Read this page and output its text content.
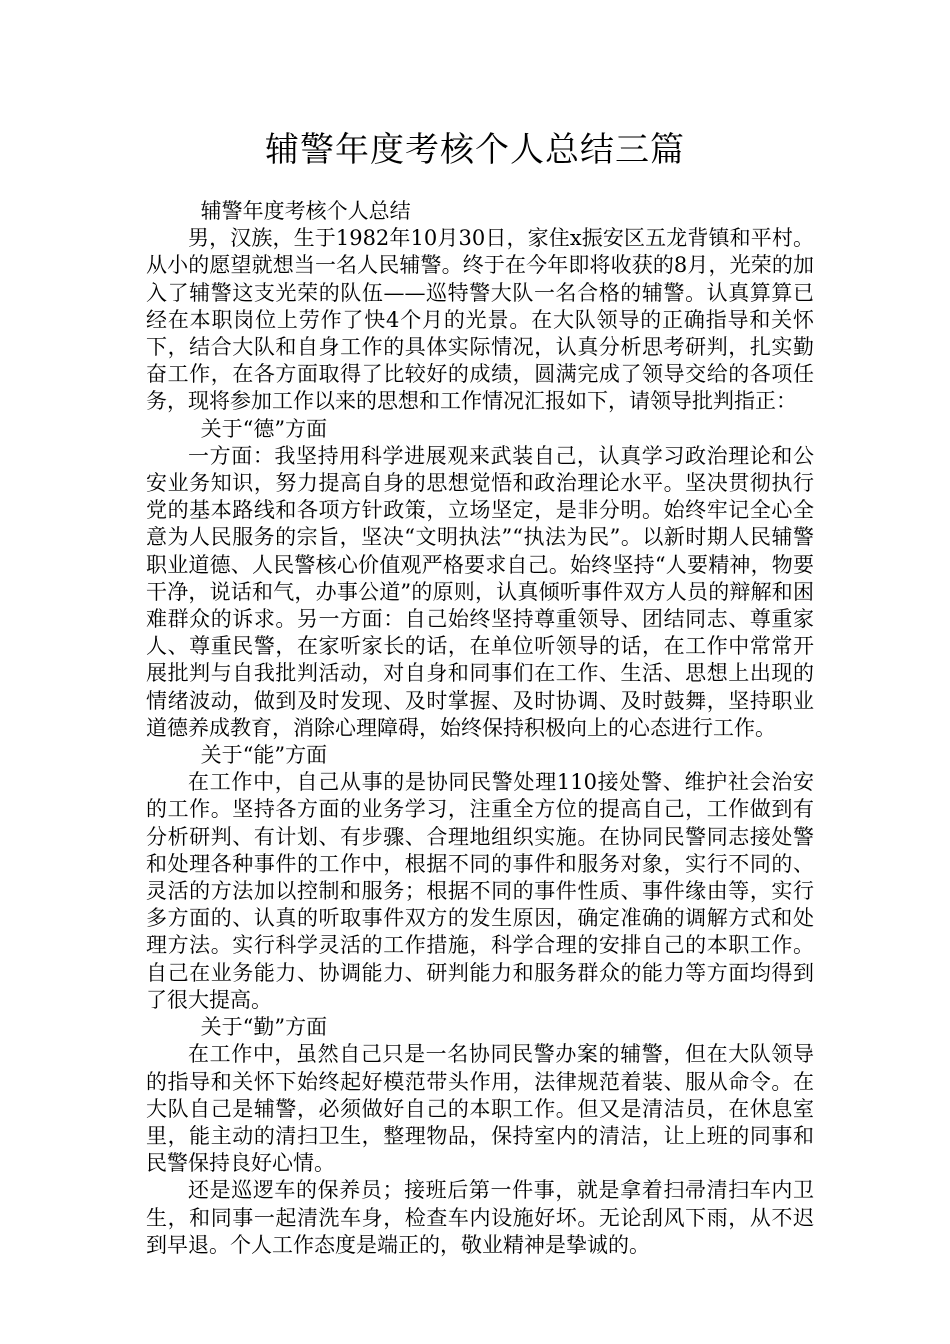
辅警年度考核个人总结三篇

辅警年度考核个人总结

男，汉族，生于1982年10月30日，家住x振安区五龙背镇和平村。从小的愿望就想当一名人民辅警。终于在今年即将收获的8月，光荣的加入了辅警这支光荣的队伍——巡特警大队一名合格的辅警。认真算算已经在本职岗位上劳作了快4个月的光景。在大队领导的正确指导和关怀下，结合大队和自身工作的具体实际情况，认真分析思考研判，扎实勤奋工作，在各方面取得了比较好的成绩，圆满完成了领导交给的各项任务，现将参加工作以来的思想和工作情况汇报如下，请领导批判指正：

关于“德”方面

一方面：我坚持用科学进展观来武装自己，认真学习政治理论和公安业务知识，努力提高自身的思想觉悟和政治理论水平。坚决贯彻执行党的基本路线和各项方针政策，立场坚定，是非分明。始终牢记全心全意为人民服务的宗旨，坚决“文明执法”“执法为民”。以新时期人民辅警职业道德、人民警核心价值观严格要求自己。始终坚持“人要精神，物要干净，说话和气，办事公道”的原则，认真倾听事件双方人员的辩解和困难群众的诉求。另一方面：自己始终坚持尊重领导、团结同志、尊重家人、尊重民警，在家听家长的话，在单位听领导的话，在工作中常常开展批判与自我批判活动，对自身和同事们在工作、生活、思想上出现的情绪波动，做到及时发现、及时掌握、及时协调、及时鼓舞，坚持职业道德养成教育，消除心理障碍，始终保持积极向上的心态进行工作。

关于“能”方面

在工作中，自己从事的是协同民警处理110接处警、维护社会治安的工作。坚持各方面的业务学习，注重全方位的提高自己，工作做到有分析研判、有计划、有步骤、合理地组织实施。在协同民警同志接处警和处理各种事件的工作中，根据不同的事件和服务对象，实行不同的、灵活的方法加以控制和服务；根据不同的事件性质、事件缘由等，实行多方面的、认真的听取事件双方的发生原因，确定准确的调解方式和处理方法。实行科学灵活的工作措施，科学合理的安排自己的本职工作。自己在业务能力、协调能力、研判能力和服务群众的能力等方面均得到了很大提高。

关于“勤”方面

在工作中，虽然自己只是一名协同民警办案的辅警，但在大队领导的指导和关怀下始终起好模范带头作用，法律规范着装、服从命令。在大队自己是辅警，必须做好自己的本职工作。但又是清洁员，在休息室里，能主动的清扫卫生，整理物品，保持室内的清洁，让上班的同事和民警保持良好心情。

还是巡逻车的保养员；接班后第一件事，就是拿着扫帚清扫车内卫生，和同事一起清洗车身，检查车内设施好坏。无论刮风下雨，从不迟到早退。个人工作态度是端正的，敬业精神是挚诚的。
